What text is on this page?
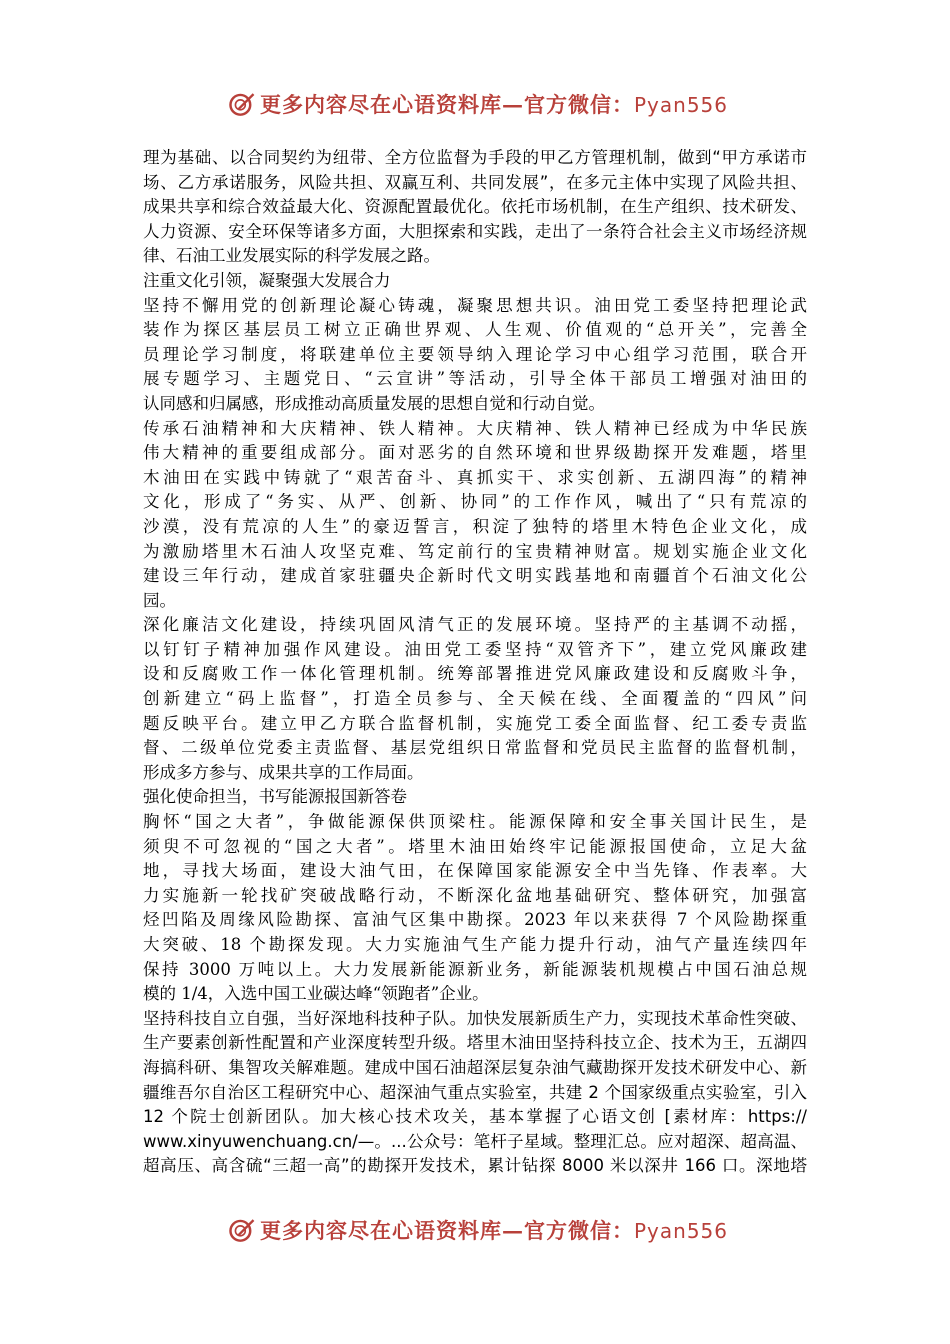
更多内容尽在心语资料库—官方微信：Pyan556
理为基础、以合同契约为纽带、全方位监督为手段的甲乙方管理机制，做到“甲方承诺市
场、乙方承诺服务，风险共担、双赢互利、共同发展”，在多元主体中实现了风险共担、
成果共享和综合效益最大化、资源配置最优化。依托市场机制，在生产组织、技术研发、
人力资源、安全环保等诸多方面，大胆探索和实践，走出了一条符合社会主义市场经济规
律、石油工业发展实际的科学发展之路。
注重文化引领，凝聚强大发展合力
坚持不懈用党的创新理论凝心铸魂，凝聚思想共识。油田党工委坚持把理论武
装作为探区基层员工树立正确世界观、人生观、价值观的“总开关”，完善全
员理论学习制度，将联建单位主要领导纳入理论学习中心组学习范围，联合开
展专题学习、主题党日、“云宣讲”等活动，引导全体干部员工增强对油田的
认同感和归属感，形成推动高质量发展的思想自觉和行动自觉。
传承石油精神和大庆精神、铁人精神。大庆精神、铁人精神已经成为中华民族
伟大精神的重要组成部分。面对恶劣的自然环境和世界级勘探开发难题，塔里
木油田在实践中铸就了“艰苦奋斗、真抓实干、求实创新、五湖四海”的精神
文化，形成了“务实、从严、创新、协同”的工作作风，喊出了“只有荒凉的
沙漠，没有荒凉的人生”的豪迈誓言，积淀了独特的塔里木特色企业文化，成
为激励塔里木石油人攻坚克难、笃定前行的宝贵精神财富。规划实施企业文化
建设三年行动，建成首家驻疆央企新时代文明实践基地和南疆首个石油文化公
园。
深化廉洁文化建设，持续巩固风清气正的发展环境。坚持严的主基调不动摇，
以钉钉子精神加强作风建设。油田党工委坚持“双管齐下”，建立党风廉政建
设和反腐败工作一体化管理机制。统筹部署推进党风廉政建设和反腐败斗争，
创新建立“码上监督”，打造全员参与、全天候在线、全面覆盖的“四风”问
题反映平台。建立甲乙方联合监督机制，实施党工委全面监督、纪工委专责监
督、二级单位党委主责监督、基层党组织日常监督和党员民主监督的监督机制，
形成多方参与、成果共享的工作局面。
强化使命担当，书写能源报国新答卷
胸怀“国之大者”，争做能源保供顶梁柱。能源保障和安全事关国计民生，是
须臾不可忽视的“国之大者”。塔里木油田始终牢记能源报国使命，立足大盆
地，寻找大场面，建设大油气田，在保障国家能源安全中当先锋、作表率。大
力实施新一轮找矿突破战略行动，不断深化盆地基础研究、整体研究，加强富
烃凹陷及周缘风险勘探、富油气区集中勘探。2023 年以来获得 7 个风险勘探重
大突破、18 个勘探发现。大力实施油气生产能力提升行动，油气产量连续四年
保持 3000 万吨以上。大力发展新能源新业务，新能源装机规模占中国石油总规
模的 1/4，入选中国工业碳达峰“领跑者”企业。
坚持科技自立自强，当好深地科技种子队。加快发展新质生产力，实现技术革命性突破、
生产要素创新性配置和产业深度转型升级。塔里木油田坚持科技立企、技术为王，五湖四
海搞科研、集智攻关解难题。建成中国石油超深层复杂油气藏勘探开发技术研发中心、新
疆维吾尔自治区工程研究中心、超深油气重点实验室，共建 2 个国家级重点实验室，引入
12 个院士创新团队。加大核心技术攻关，基本掌握了心语文创 [素材库：https://
www.xinyuwenchuang.cn/—。...公众号：笔杆子星域。整理汇总。应对超深、超高温、
超高压、高含硫“三超一高”的勘探开发技术，累计钻探 8000 米以深井 166 口。深地塔
更多内容尽在心语资料库—官方微信：Pyan556
